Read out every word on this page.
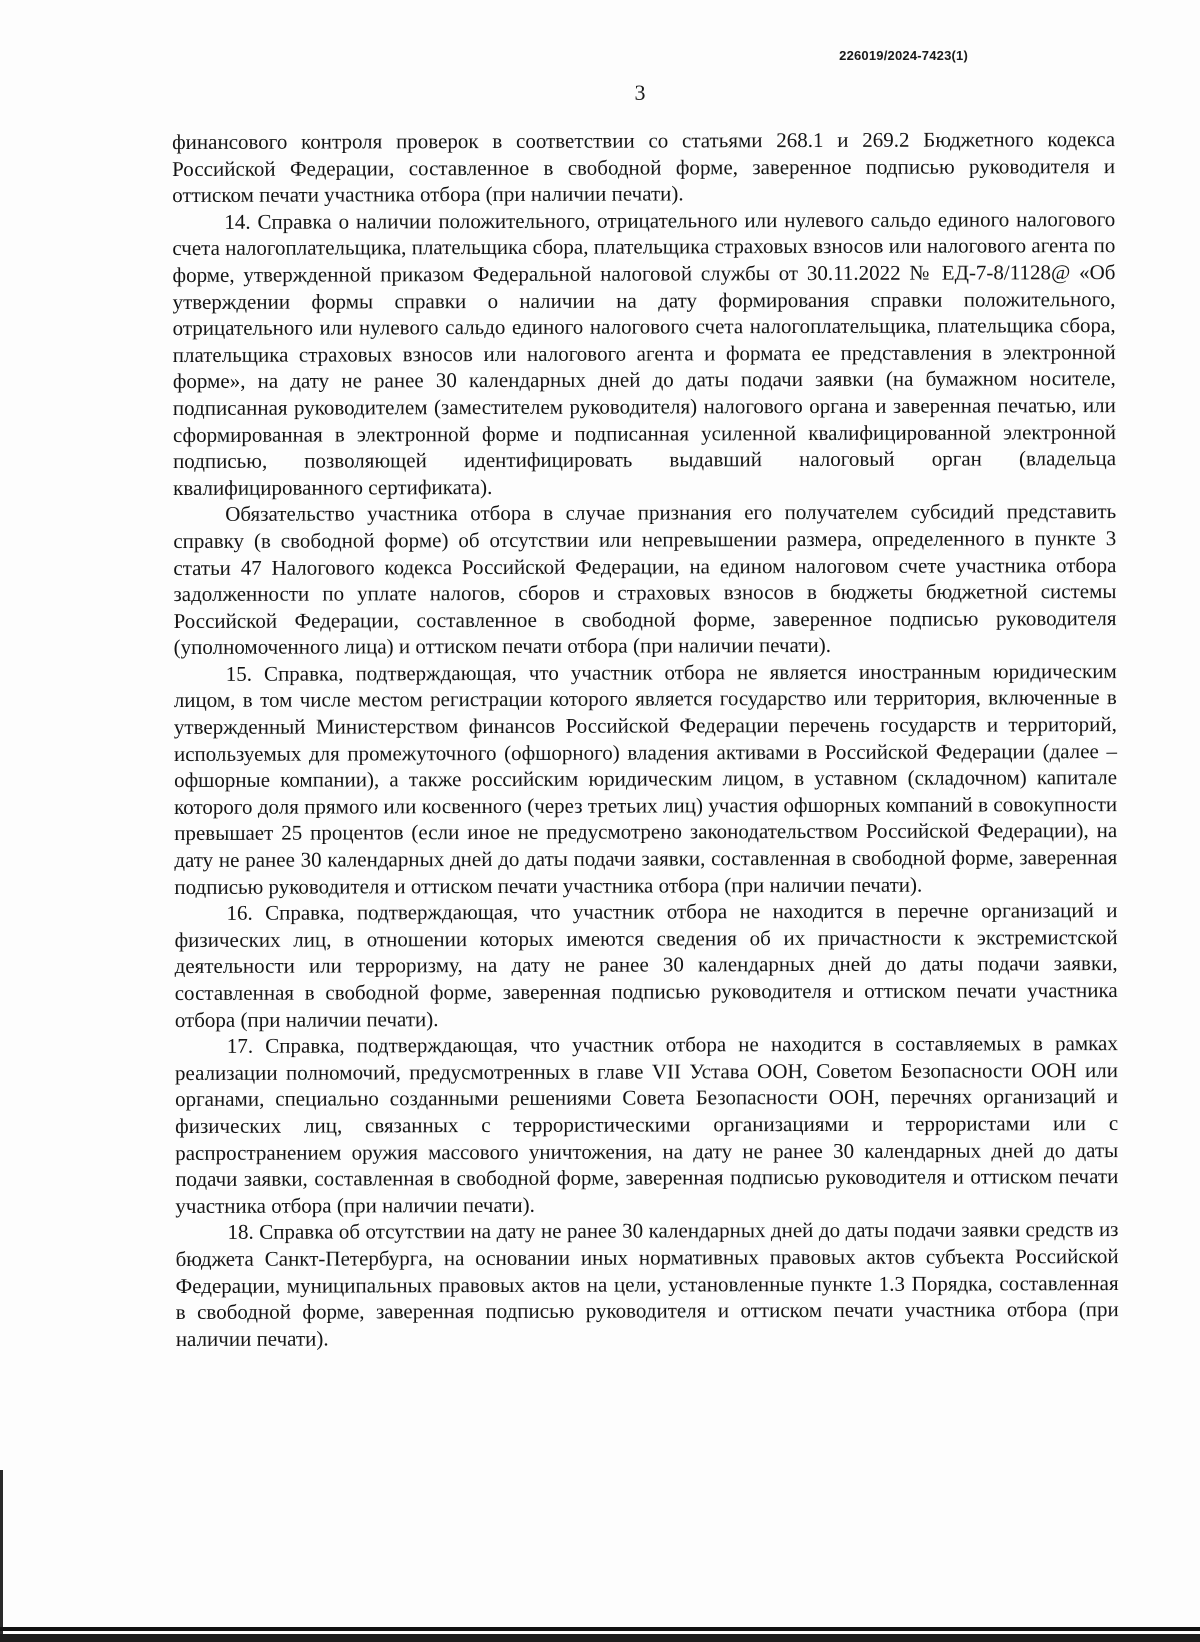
226019/2024-7423(1)
3

финансового контроля проверок в соответствии со статьями 268.1 и 269.2 Бюджетного кодекса Российской Федерации, составленное в свободной форме, заверенное подписью руководителя и оттиском печати участника отбора (при наличии печати).

14. Справка о наличии положительного, отрицательного или нулевого сальдо единого налогового счета налогоплательщика, плательщика сбора, плательщика страховых взносов или налогового агента по форме, утвержденной приказом Федеральной налоговой службы от 30.11.2022 № ЕД-7-8/1128@ «Об утверждении формы справки о наличии на дату формирования справки положительного, отрицательного или нулевого сальдо единого налогового счета налогоплательщика, плательщика сбора, плательщика страховых взносов или налогового агента и формата ее представления в электронной форме», на дату не ранее 30 календарных дней до даты подачи заявки (на бумажном носителе, подписанная руководителем (заместителем руководителя) налогового органа и заверенная печатью, или сформированная в электронной форме и подписанная усиленной квалифицированной электронной подписью, позволяющей идентифицировать выдавший налоговый орган (владельца квалифицированного сертификата).

Обязательство участника отбора в случае признания его получателем субсидий представить справку (в свободной форме) об отсутствии или непревышении размера, определенного в пункте 3 статьи 47 Налогового кодекса Российской Федерации, на едином налоговом счете участника отбора задолженности по уплате налогов, сборов и страховых взносов в бюджеты бюджетной системы Российской Федерации, составленное в свободной форме, заверенное подписью руководителя (уполномоченного лица) и оттиском печати отбора (при наличии печати).

15. Справка, подтверждающая, что участник отбора не является иностранным юридическим лицом, в том числе местом регистрации которого является государство или территория, включенные в утвержденный Министерством финансов Российской Федерации перечень государств и территорий, используемых для промежуточного (офшорного) владения активами в Российской Федерации (далее – офшорные компании), а также российским юридическим лицом, в уставном (складочном) капитале которого доля прямого или косвенного (через третьих лиц) участия офшорных компаний в совокупности превышает 25 процентов (если иное не предусмотрено законодательством Российской Федерации), на дату не ранее 30 календарных дней до даты подачи заявки, составленная в свободной форме, заверенная подписью руководителя и оттиском печати участника отбора (при наличии печати).

16. Справка, подтверждающая, что участник отбора не находится в перечне организаций и физических лиц, в отношении которых имеются сведения об их причастности к экстремистской деятельности или терроризму, на дату не ранее 30 календарных дней до даты подачи заявки, составленная в свободной форме, заверенная подписью руководителя и оттиском печати участника отбора (при наличии печати).

17. Справка, подтверждающая, что участник отбора не находится в составляемых в рамках реализации полномочий, предусмотренных в главе VII Устава ООН, Советом Безопасности ООН или органами, специально созданными решениями Совета Безопасности ООН, перечнях организаций и физических лиц, связанных с террористическими организациями и террористами или с распространением оружия массового уничтожения, на дату не ранее 30 календарных дней до даты подачи заявки, составленная в свободной форме, заверенная подписью руководителя и оттиском печати участника отбора (при наличии печати).

18. Справка об отсутствии на дату не ранее 30 календарных дней до даты подачи заявки средств из бюджета Санкт-Петербурга, на основании иных нормативных правовых актов субъекта Российской Федерации, муниципальных правовых актов на цели, установленные пункте 1.3 Порядка, составленная в свободной форме, заверенная подписью руководителя и оттиском печати участника отбора (при наличии печати).
